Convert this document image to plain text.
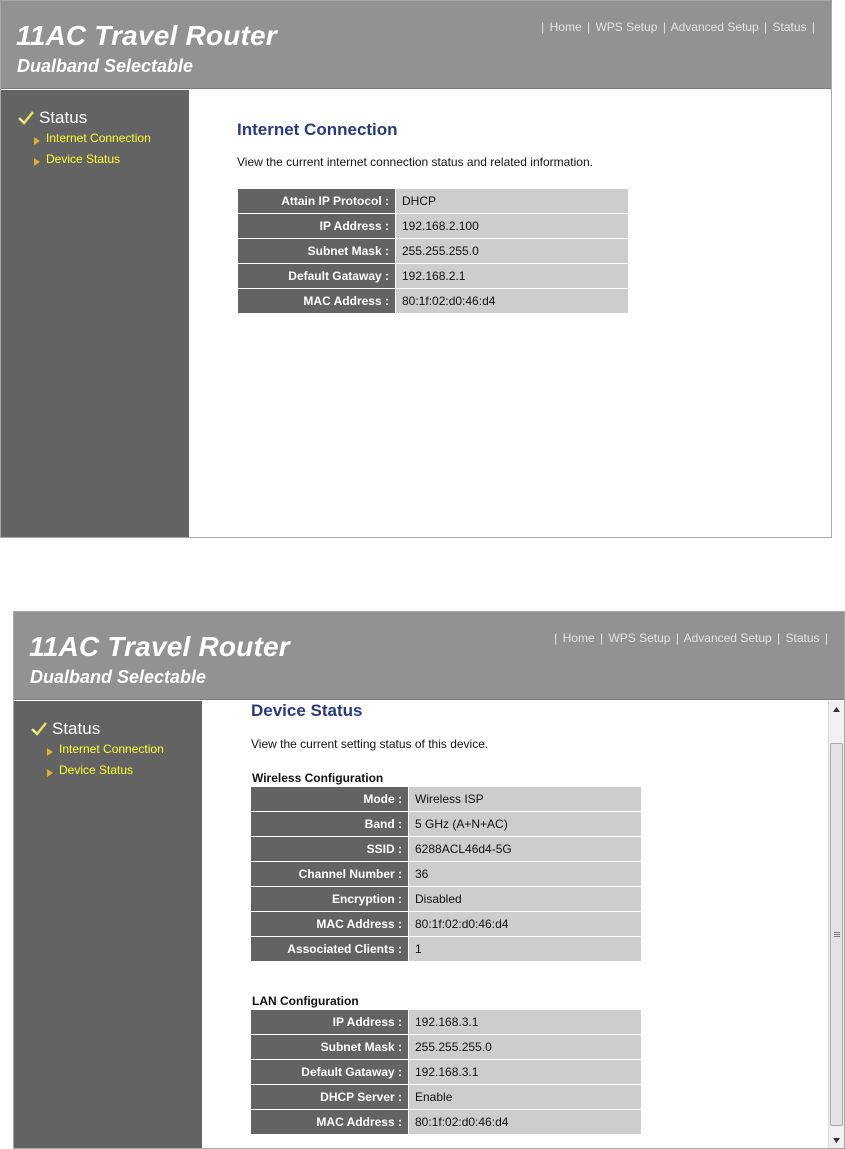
11AC Travel Router
Dualband Selectable
| Home | WPS Setup | Advanced Setup | Status |
Status
Internet Connection
Device Status
Internet Connection
View the current internet connection status and related information.
Attain IP Protocol :	DHCP
IP Address :	192.168.2.100
Subnet Mask :	255.255.255.0
Default Gataway :	192.168.2.1
MAC Address :	80:1f:02:d0:46:d4
11AC Travel Router
Dualband Selectable
| Home | WPS Setup | Advanced Setup | Status |
Status
Internet Connection
Device Status
Device Status
View the current setting status of this device.
Wireless Configuration
Mode :	Wireless ISP
Band :	5 GHz (A+N+AC)
SSID :	6288ACL46d4-5G
Channel Number :	36
Encryption :	Disabled
MAC Address :	80:1f:02:d0:46:d4
Associated Clients :	1
LAN Configuration
IP Address :	192.168.3.1
Subnet Mask :	255.255.255.0
Default Gataway :	192.168.3.1
DHCP Server :	Enable
MAC Address :	80:1f:02:d0:46:d4
